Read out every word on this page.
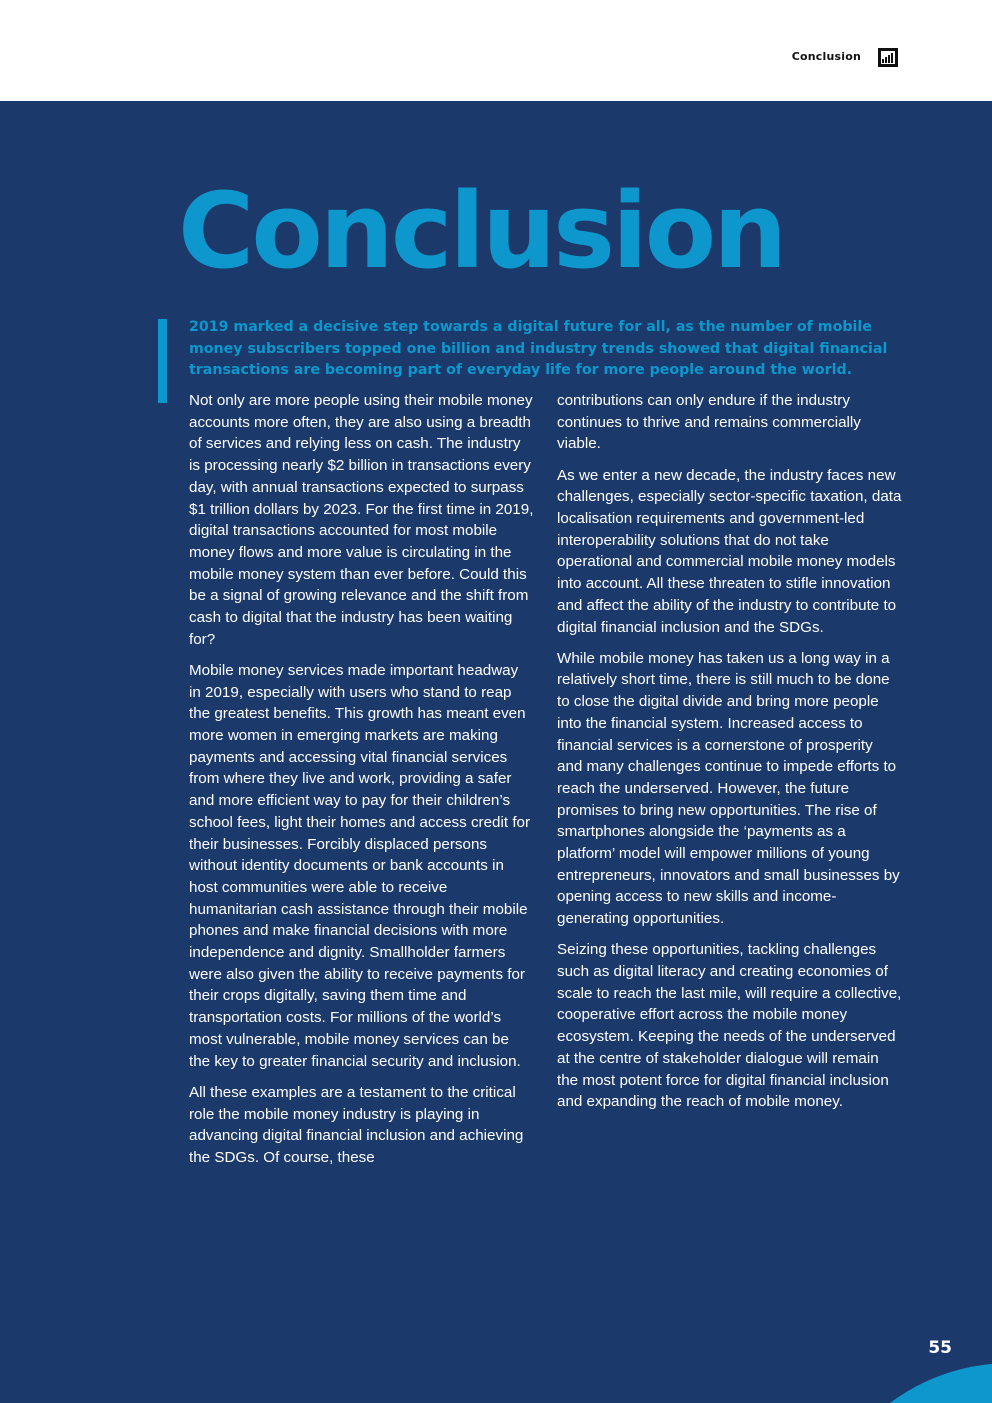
Conclusion
Conclusion

2019 marked a decisive step towards a digital future for all, as the number of mobile money subscribers topped one billion and industry trends showed that digital financial transactions are becoming part of everyday life for more people around the world.

Not only are more people using their mobile money accounts more often, they are also using a breadth of services and relying less on cash. The industry is processing nearly $2 billion in transactions every day, with annual transactions expected to surpass $1 trillion dollars by 2023. For the first time in 2019, digital transactions accounted for most mobile money flows and more value is circulating in the mobile money system than ever before. Could this be a signal of growing relevance and the shift from cash to digital that the industry has been waiting for?

Mobile money services made important headway in 2019, especially with users who stand to reap the greatest benefits. This growth has meant even more women in emerging markets are making payments and accessing vital financial services from where they live and work, providing a safer and more efficient way to pay for their children’s school fees, light their homes and access credit for their businesses. Forcibly displaced persons without identity documents or bank accounts in host communities were able to receive humanitarian cash assistance through their mobile phones and make financial decisions with more independence and dignity. Smallholder farmers were also given the ability to receive payments for their crops digitally, saving them time and transportation costs. For millions of the world’s most vulnerable, mobile money services can be the key to greater financial security and inclusion.

All these examples are a testament to the critical role the mobile money industry is playing in advancing digital financial inclusion and achieving the SDGs. Of course, these

contributions can only endure if the industry continues to thrive and remains commercially viable.

As we enter a new decade, the industry faces new challenges, especially sector-specific taxation, data localisation requirements and government-led interoperability solutions that do not take operational and commercial mobile money models into account. All these threaten to stifle innovation and affect the ability of the industry to contribute to digital financial inclusion and the SDGs.

While mobile money has taken us a long way in a relatively short time, there is still much to be done to close the digital divide and bring more people into the financial system. Increased access to financial services is a cornerstone of prosperity and many challenges continue to impede efforts to reach the underserved. However, the future promises to bring new opportunities. The rise of smartphones alongside the ‘payments as a platform’ model will empower millions of young entrepreneurs, innovators and small businesses by opening access to new skills and income-generating opportunities.

Seizing these opportunities, tackling challenges such as digital literacy and creating economies of scale to reach the last mile, will require a collective, cooperative effort across the mobile money ecosystem. Keeping the needs of the underserved at the centre of stakeholder dialogue will remain the most potent force for digital financial inclusion and expanding the reach of mobile money.

55
